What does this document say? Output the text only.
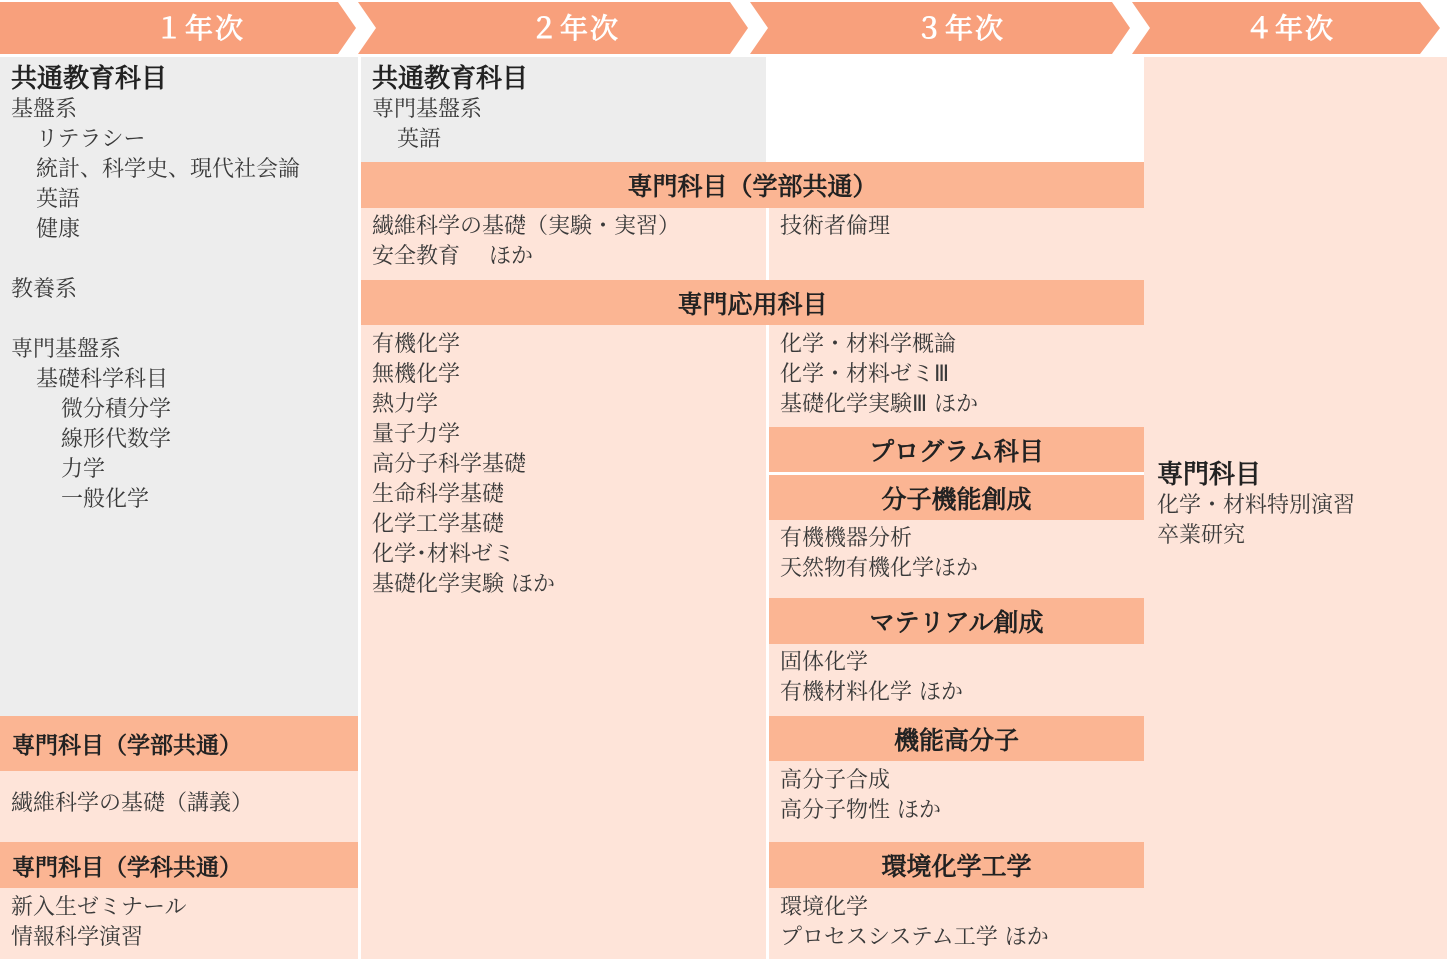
１年次	２年次	３年次	４年次
共通教育科目
基盤系
リテラシー
統計、科学史、現代社会論
英語
健康
教養系
専門基盤系
基礎科学科目
微分積分学
線形代数学
力学
一般化学
専門科目（学部共通）
繊維科学の基礎（講義）
専門科目（学科共通）
新入生ゼミナール
情報科学演習
共通教育科目
専門基盤系
英語
専門科目
化学・材料特別演習
卒業研究
専門科目（学部共通）
繊維科学の基礎（実験・実習）
安全教育　 ほか
技術者倫理
専門応用科目
有機化学
無機化学
熱力学
量子力学
高分子科学基礎
生命科学基礎
化学工学基礎
化学･材料ゼミ
基礎化学実験 ほか
化学・材料学概論
化学・材料ゼミⅢ
基礎化学実験Ⅲ ほか
プログラム科目
分子機能創成
有機機器分析
天然物有機化学ほか
マテリアル創成
固体化学
有機材料化学 ほか
機能高分子
高分子合成
高分子物性 ほか
環境化学工学
環境化学
プロセスシステム工学 ほか
